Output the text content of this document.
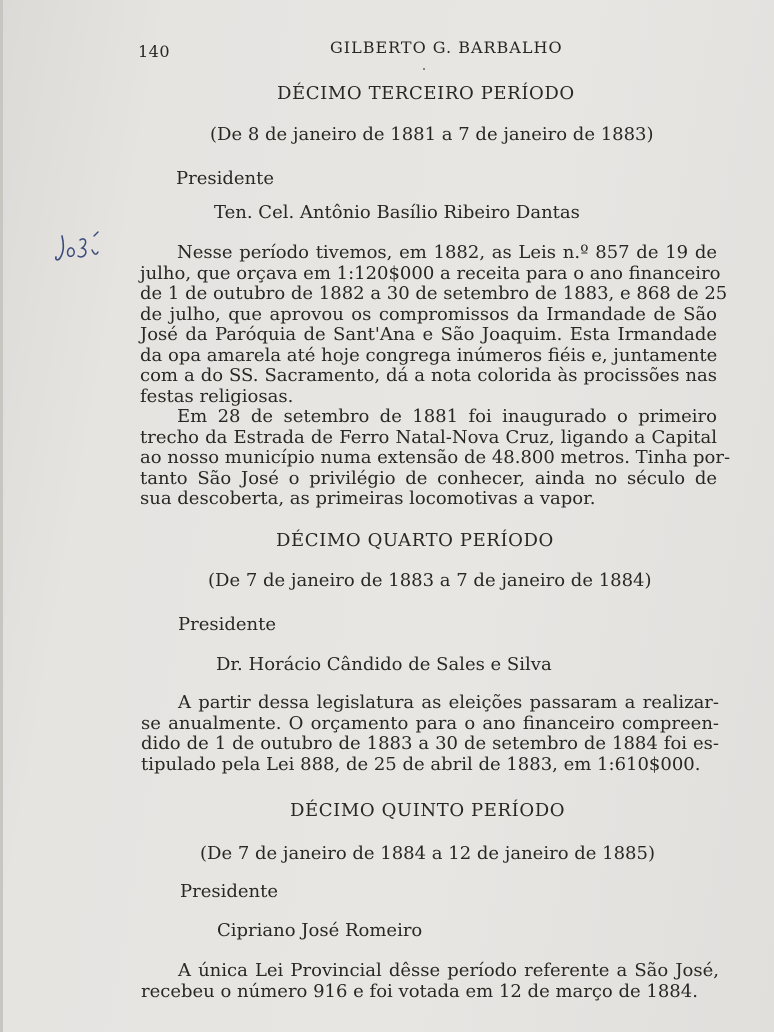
140	GILBERTO G. BARBALHO
DÉCIMO TERCEIRO PERÍODO
(De 8 de janeiro de 1881 a 7 de janeiro de 1883)
Presidente
Ten. Cel. Antônio Basílio Ribeiro Dantas
Nesse período tivemos, em 1882, as Leis n.º 857 de 19 de
julho, que orçava em 1:120$000 a receita para o ano financeiro
de 1 de outubro de 1882 a 30 de setembro de 1883, e 868 de 25
de julho, que aprovou os compromissos da Irmandade de São
José da Paróquia de Sant'Ana e São Joaquim. Esta Irmandade
da opa amarela até hoje congrega inúmeros fiéis e, juntamente
com a do SS. Sacramento, dá a nota colorida às procissões nas
festas religiosas.
Em 28 de setembro de 1881 foi inaugurado o primeiro
trecho da Estrada de Ferro Natal-Nova Cruz, ligando a Capital
ao nosso município numa extensão de 48.800 metros. Tinha por-
tanto São José o privilégio de conhecer, ainda no século de
sua descoberta, as primeiras locomotivas a vapor.
DÉCIMO QUARTO PERÍODO
(De 7 de janeiro de 1883 a 7 de janeiro de 1884)
Presidente
Dr. Horácio Cândido de Sales e Silva
A partir dessa legislatura as eleições passaram a realizar-
se anualmente. O orçamento para o ano financeiro compreen-
dido de 1 de outubro de 1883 a 30 de setembro de 1884 foi es-
tipulado pela Lei 888, de 25 de abril de 1883, em 1:610$000.
DÉCIMO QUINTO PERÍODO
(De 7 de janeiro de 1884 a 12 de janeiro de 1885)
Presidente
Cipriano José Romeiro
A única Lei Provincial dêsse período referente a São José,
recebeu o número 916 e foi votada em 12 de março de 1884.
